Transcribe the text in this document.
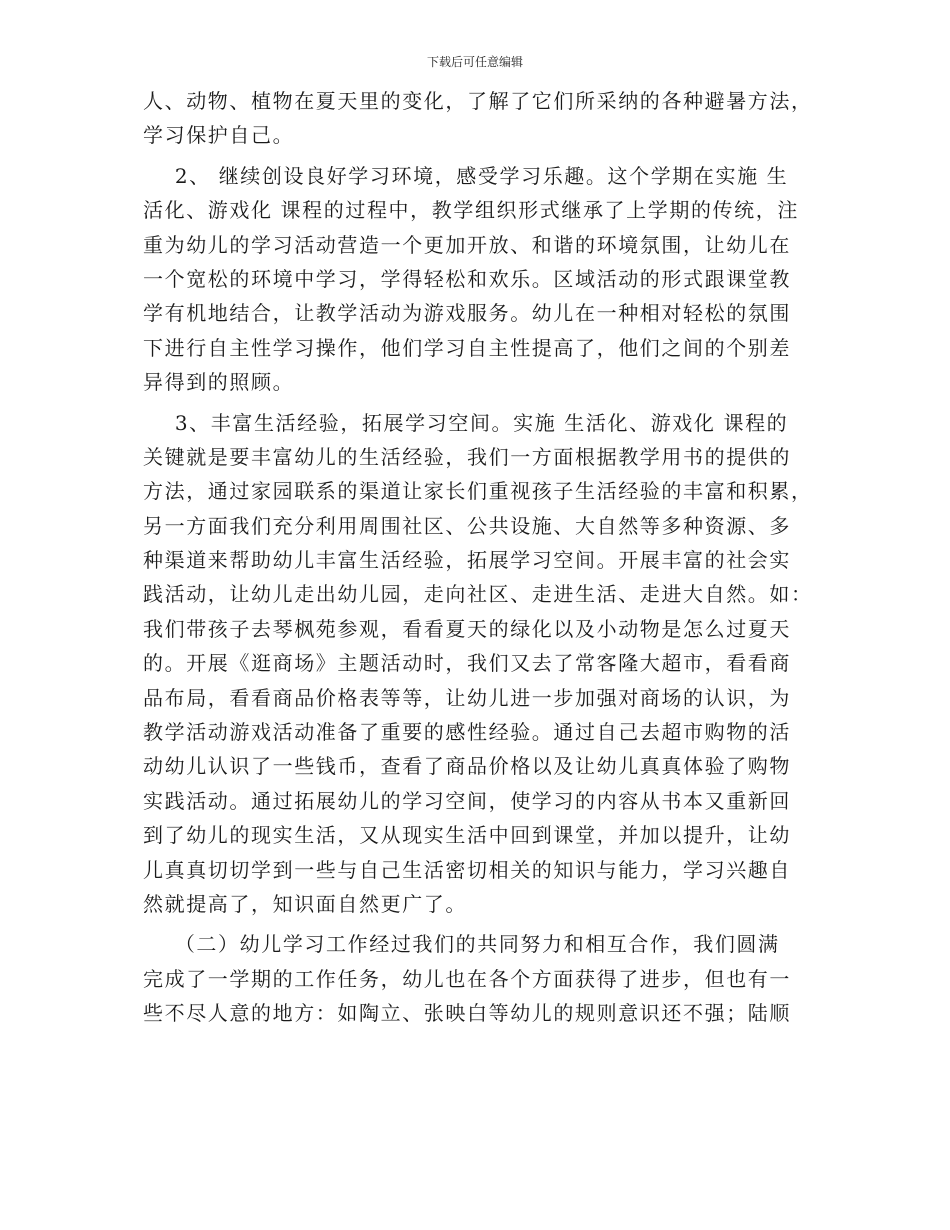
下载后可任意编辑
人、动物、植物在夏天里的变化，了解了它们所采纳的各种避暑方法，
学习保护自己。
2、 继续创设良好学习环境，感受学习乐趣。这个学期在实施 生
活化、游戏化 课程的过程中，教学组织形式继承了上学期的传统，注
重为幼儿的学习活动营造一个更加开放、和谐的环境氛围，让幼儿在
一个宽松的环境中学习，学得轻松和欢乐。区域活动的形式跟课堂教
学有机地结合，让教学活动为游戏服务。幼儿在一种相对轻松的氛围
下进行自主性学习操作，他们学习自主性提高了，他们之间的个别差
异得到的照顾。
3、丰富生活经验，拓展学习空间。实施 生活化、游戏化 课程的
关键就是要丰富幼儿的生活经验，我们一方面根据教学用书的提供的
方法，通过家园联系的渠道让家长们重视孩子生活经验的丰富和积累，
另一方面我们充分利用周围社区、公共设施、大自然等多种资源、多
种渠道来帮助幼儿丰富生活经验，拓展学习空间。开展丰富的社会实
践活动，让幼儿走出幼儿园，走向社区、走进生活、走进大自然。如：
我们带孩子去琴枫苑参观，看看夏天的绿化以及小动物是怎么过夏天
的。开展《逛商场》主题活动时，我们又去了常客隆大超市，看看商
品布局，看看商品价格表等等，让幼儿进一步加强对商场的认识，为
教学活动游戏活动准备了重要的感性经验。通过自己去超市购物的活
动幼儿认识了一些钱币，查看了商品价格以及让幼儿真真体验了购物
实践活动。通过拓展幼儿的学习空间，使学习的内容从书本又重新回
到了幼儿的现实生活，又从现实生活中回到课堂，并加以提升，让幼
儿真真切切学到一些与自己生活密切相关的知识与能力，学习兴趣自
然就提高了，知识面自然更广了。
（二）幼儿学习工作经过我们的共同努力和相互合作，我们圆满
完成了一学期的工作任务，幼儿也在各个方面获得了进步，但也有一
些不尽人意的地方：如陶立、张映白等幼儿的规则意识还不强；陆顺
